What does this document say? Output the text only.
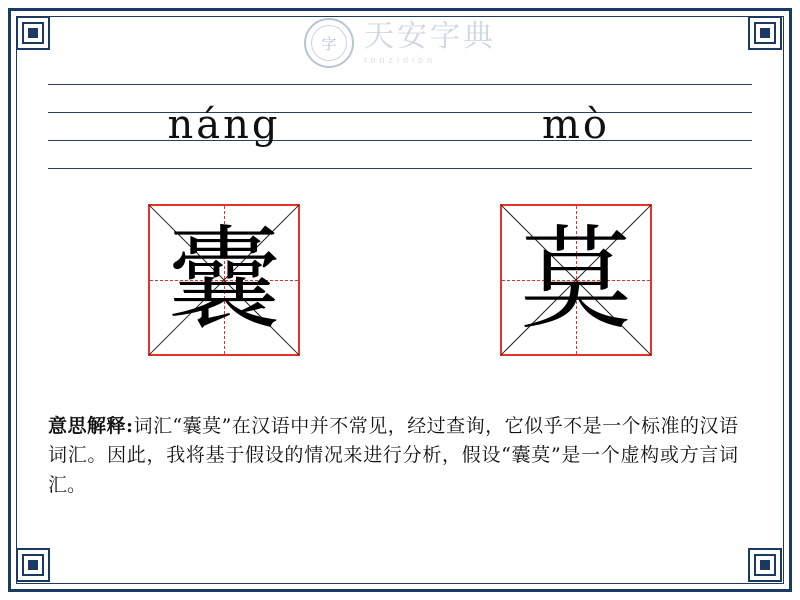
字 天安字典
tonzidion
náng	mò
囊 莫
意思解释:词汇“囊莫”在汉语中并不常见，经过查询，它似乎不是一个标准的汉语词汇。因此，我将基于假设的情况来进行分析，假设“囊莫”是一个虚构或方言词汇。
